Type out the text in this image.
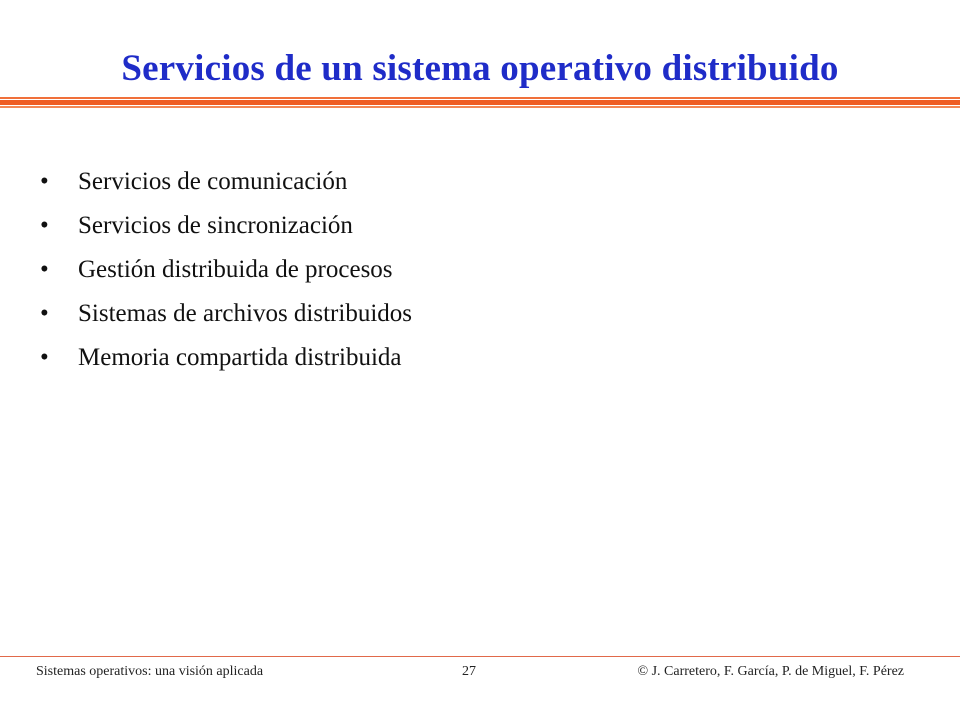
Servicios de un sistema operativo distribuido
•	Servicios de comunicación
•	Servicios de sincronización
•	Gestión distribuida de procesos
•	Sistemas de archivos distribuidos
•	Memoria compartida distribuida
Sistemas operativos: una visión aplicada	27	© J. Carretero, F. García, P. de Miguel, F. Pérez
